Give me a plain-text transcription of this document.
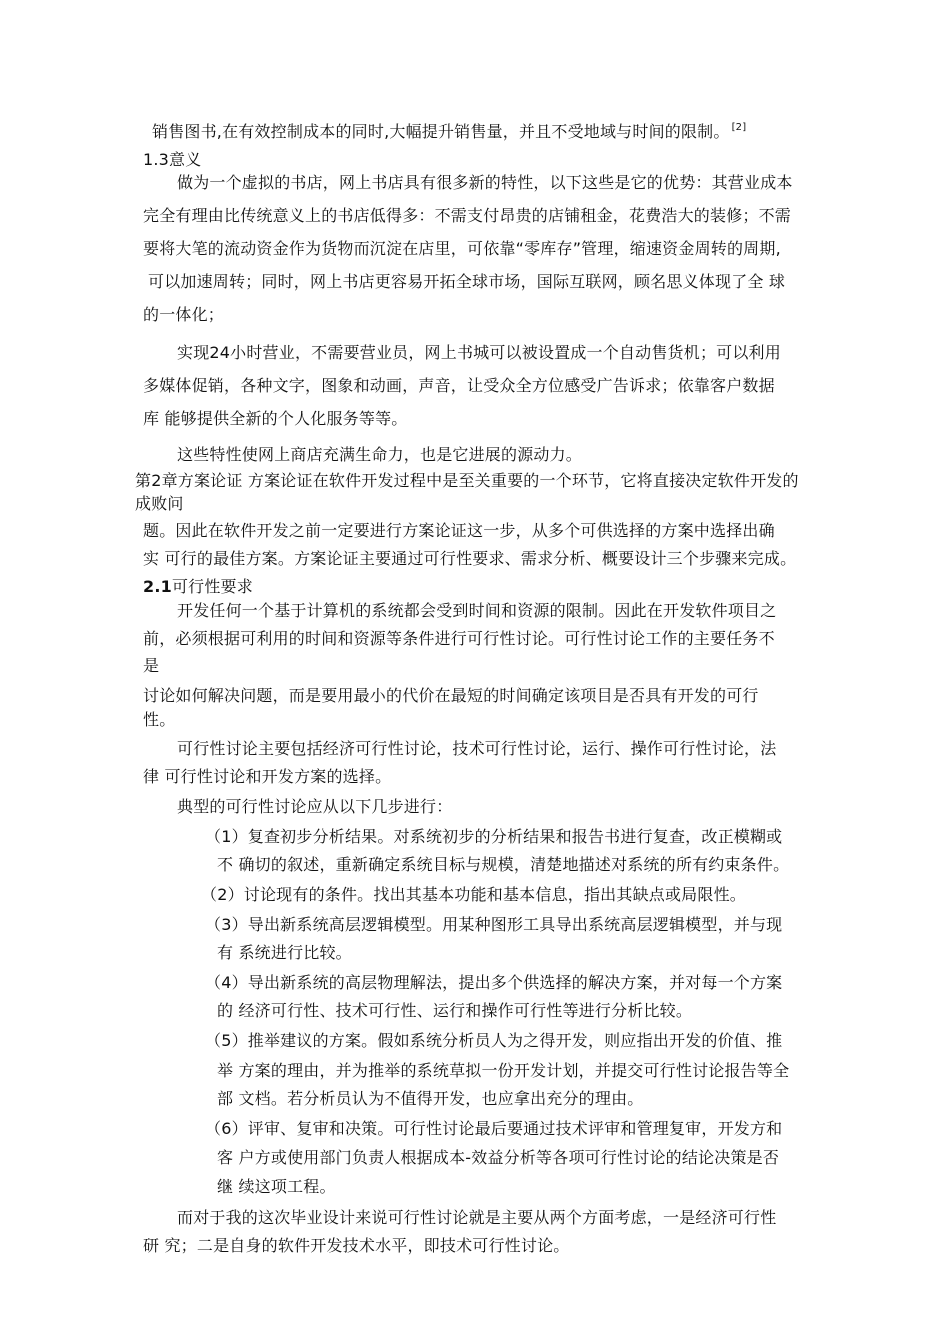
销售图书,在有效控制成本的同时,大幅提升销售量，并且不受地域与时间的限制。 [2]
1.3意义
做为一个虚拟的书店，网上书店具有很多新的特性，以下这些是它的优势：其营业成本
完全有理由比传统意义上的书店低得多：不需支付昂贵的店铺租金，花费浩大的装修；不需
要将大笔的流动资金作为货物而沉淀在店里，可依靠“零库存”管理，缩速资金周转的周期,
可以加速周转；同时，网上书店更容易开拓全球市场，国际互联网，顾名思义体现了全 球
的一体化；
实现24小时营业，不需要营业员，网上书城可以被设置成一个自动售货机；可以利用
多媒体促销，各种文字，图象和动画，声音，让受众全方位感受广告诉求；依靠客户数据
库 能够提供全新的个人化服务等等。
这些特性使网上商店充满生命力，也是它进展的源动力。
第2章方案论证 方案论证在软件开发过程中是至关重要的一个环节，它将直接决定软件开发的
成败问
题。因此在软件开发之前一定要进行方案论证这一步，从多个可供选择的方案中选择出确
实 可行的最佳方案。方案论证主要通过可行性要求、需求分析、概要设计三个步骤来完成。
2.1可行性要求
开发任何一个基于计算机的系统都会受到时间和资源的限制。因此在开发软件项目之
前，必须根据可利用的时间和资源等条件进行可行性讨论。可行性讨论工作的主要任务不
是
讨论如何解决问题，而是要用最小的代价在最短的时间确定该项目是否具有开发的可行
性。
可行性讨论主要包括经济可行性讨论，技术可行性讨论，运行、操作可行性讨论，法
律 可行性讨论和开发方案的选择。
典型的可行性讨论应从以下几步进行：
（1）复查初步分析结果。对系统初步的分析结果和报告书进行复查，改正模糊或
不 确切的叙述，重新确定系统目标与规模，清楚地描述对系统的所有约束条件。
（2）讨论现有的条件。找出其基本功能和基本信息，指出其缺点或局限性。
（3）导出新系统高层逻辑模型。用某种图形工具导出系统高层逻辑模型，并与现
有 系统进行比较。
（4）导出新系统的高层物理解法，提出多个供选择的解决方案，并对每一个方案
的 经济可行性、技术可行性、运行和操作可行性等进行分析比较。
（5）推举建议的方案。假如系统分析员人为之得开发，则应指出开发的价值、推
举 方案的理由，并为推举的系统草拟一份开发计划，并提交可行性讨论报告等全
部 文档。若分析员认为不值得开发，也应拿出充分的理由。
（6）评审、复审和决策。可行性讨论最后要通过技术评审和管理复审，开发方和
客 户方或使用部门负责人根据成本-效益分析等各项可行性讨论的结论决策是否
继 续这项工程。
而对于我的这次毕业设计来说可行性讨论就是主要从两个方面考虑，一是经济可行性
研 究；二是自身的软件开发技术水平，即技术可行性讨论。
